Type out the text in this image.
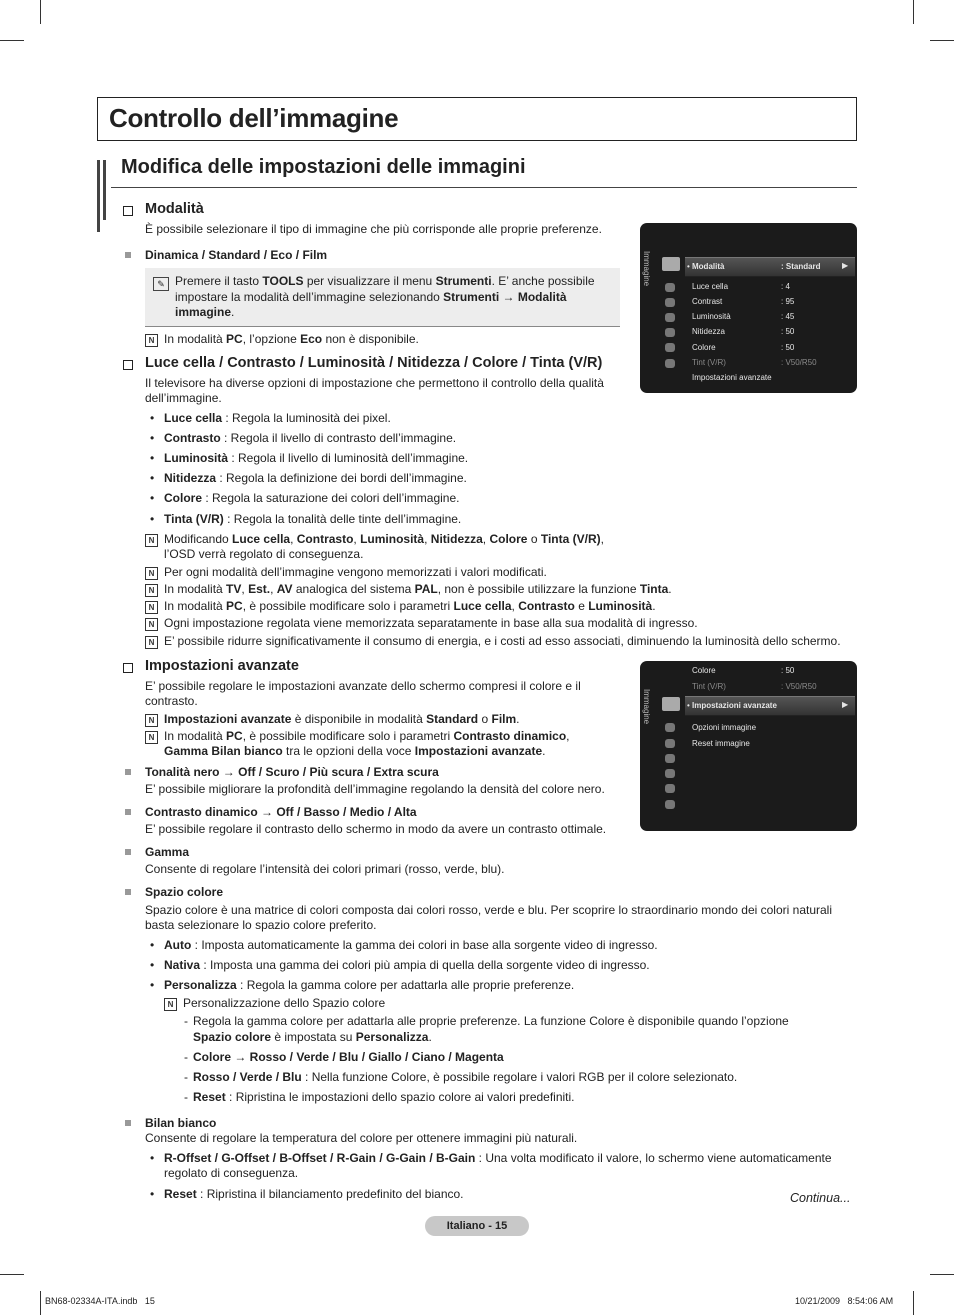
Controllo dell’immagine
Modifica delle impostazioni delle immagini
Modalità
È possibile selezionare il tipo di immagine che più corrisponde alle proprie preferenze.
Dinamica / Standard / Eco / Film
✎ Premere il tasto TOOLS per visualizzare il menu Strumenti. E’ anche possibile
impostare la modalità dell’immagine selezionando Strumenti → Modalità
immagine.
N In modalità PC, l’opzione Eco non è disponibile.
Luce cella / Contrasto / Luminosità / Nitidezza / Colore / Tinta (V/R)
Il televisore ha diverse opzioni di impostazione che permettono il controllo della qualità
dell’immagine.
• Luce cella : Regola la luminosità dei pixel.
• Contrasto : Regola il livello di contrasto dell’immagine.
• Luminosità : Regola il livello di luminosità dell’immagine.
• Nitidezza : Regola la definizione dei bordi dell’immagine.
• Colore : Regola la saturazione dei colori dell’immagine.
• Tinta (V/R) : Regola la tonalità delle tinte dell’immagine.
N Modificando Luce cella, Contrasto, Luminosità, Nitidezza, Colore o Tinta (V/R),
l’OSD verrà regolato di conseguenza.
N Per ogni modalità dell’immagine vengono memorizzati i valori modificati.
N In modalità TV, Est., AV analogica del sistema PAL, non è possibile utilizzare la funzione Tinta.
N In modalità PC, è possibile modificare solo i parametri Luce cella, Contrasto e Luminosità.
N Ogni impostazione regolata viene memorizzata separatamente in base alla sua modalità di ingresso.
N E’ possibile ridurre significativamente il consumo di energia, e i costi ad esso associati, diminuendo la luminosità dello schermo.
Impostazioni avanzate
E’ possibile regolare le impostazioni avanzate dello schermo compresi il colore e il
contrasto.
N Impostazioni avanzate è disponibile in modalità Standard o Film.
N In modalità PC, è possibile modificare solo i parametri Contrasto dinamico,
Gamma Bilan bianco tra le opzioni della voce Impostazioni avanzate.
Tonalità nero → Off / Scuro / Più scura / Extra scura
E’ possibile migliorare la profondità dell’immagine regolando la densità del colore nero.
Contrasto dinamico → Off / Basso / Medio / Alta
E’ possibile regolare il contrasto dello schermo in modo da avere un contrasto ottimale.
Gamma
Consente di regolare l’intensità dei colori primari (rosso, verde, blu).
Spazio colore
Spazio colore è una matrice di colori composta dai colori rosso, verde e blu. Per scoprire lo straordinario mondo dei colori naturali
basta selezionare lo spazio colore preferito.
• Auto : Imposta automaticamente la gamma dei colori in base alla sorgente video di ingresso.
• Nativa : Imposta una gamma dei colori più ampia di quella della sorgente video di ingresso.
• Personalizza : Regola la gamma colore per adattarla alle proprie preferenze.
N Personalizzazione dello Spazio colore
- Regola la gamma colore per adattarla alle proprie preferenze. La funzione Colore è disponibile quando l’opzione
Spazio colore è impostata su Personalizza.
- Colore → Rosso / Verde / Blu / Giallo / Ciano / Magenta
- Rosso / Verde / Blu : Nella funzione Colore, è possibile regolare i valori RGB per il colore selezionato.
- Reset : Ripristina le impostazioni dello spazio colore ai valori predefiniti.
Bilan bianco
Consente di regolare la temperatura del colore per ottenere immagini più naturali.
• R-Offset / G-Offset / B-Offset / R-Gain / G-Gain / B-Gain : Una volta modificato il valore, lo schermo viene automaticamente
regolato di conseguenza.
• Reset : Ripristina il bilanciamento predefinito del bianco.	Continua...
Immagine	• Modalità	: Standard	▶
Luce cella	: 4
Contrast	: 95
Luminosità	: 45
Nitidezza	: 50
Colore	: 50
Tint (V/R)	: V50/R50
Impostazioni avanzate
Immagine
Colore	: 50
Tint (V/R)	: V50/R50
• Impostazioni avanzate	▶
Opzioni immagine
Reset immagine
Italiano - 15
BN68-02334A-ITA.indb   15	10/21/2009   8:54:06 AM
